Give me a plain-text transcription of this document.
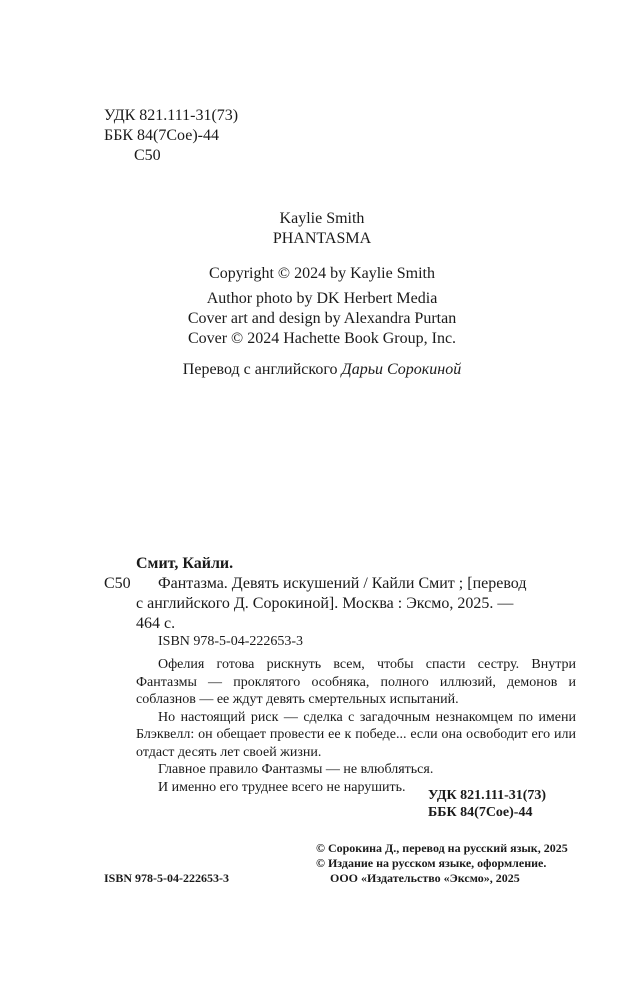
УДК 821.111-31(73)
ББК 84(7Сое)-44
С50
Kaylie Smith
PHANTASMA
Copyright © 2024 by Kaylie Smith
Author photo by DK Herbert Media
Cover art and design by Alexandra Purtan
Cover © 2024 Hachette Book Group, Inc.
Перевод с английского Дарьи Сорокиной
Смит, Кайли.
С50	Фантазма. Девять искушений / Кайли Смит ; [перевод
с английского Д. Сорокиной]. Москва : Эксмо, 2025. —
464 с.
ISBN 978-5-04-222653-3

Офелия готова рискнуть всем, чтобы спасти сестру. Внутри Фантазмы — проклятого особняка, полного иллюзий, демонов и соблазнов — ее ждут девять смертельных испытаний.

Но настоящий риск — сделка с загадочным незнакомцем по имени Блэквелл: он обещает провести ее к победе... если она освободит его или отдаст десять лет своей жизни.

Главное правило Фантазмы — не влюбляться.

И именно его труднее всего не нарушить.

УДК 821.111-31(73)
ББК 84(7Сое)-44
© Сорокина Д., перевод на русский язык, 2025
© Издание на русском языке, оформление.
ООО «Издательство «Эксмо», 2025
ISBN 978-5-04-222653-3
